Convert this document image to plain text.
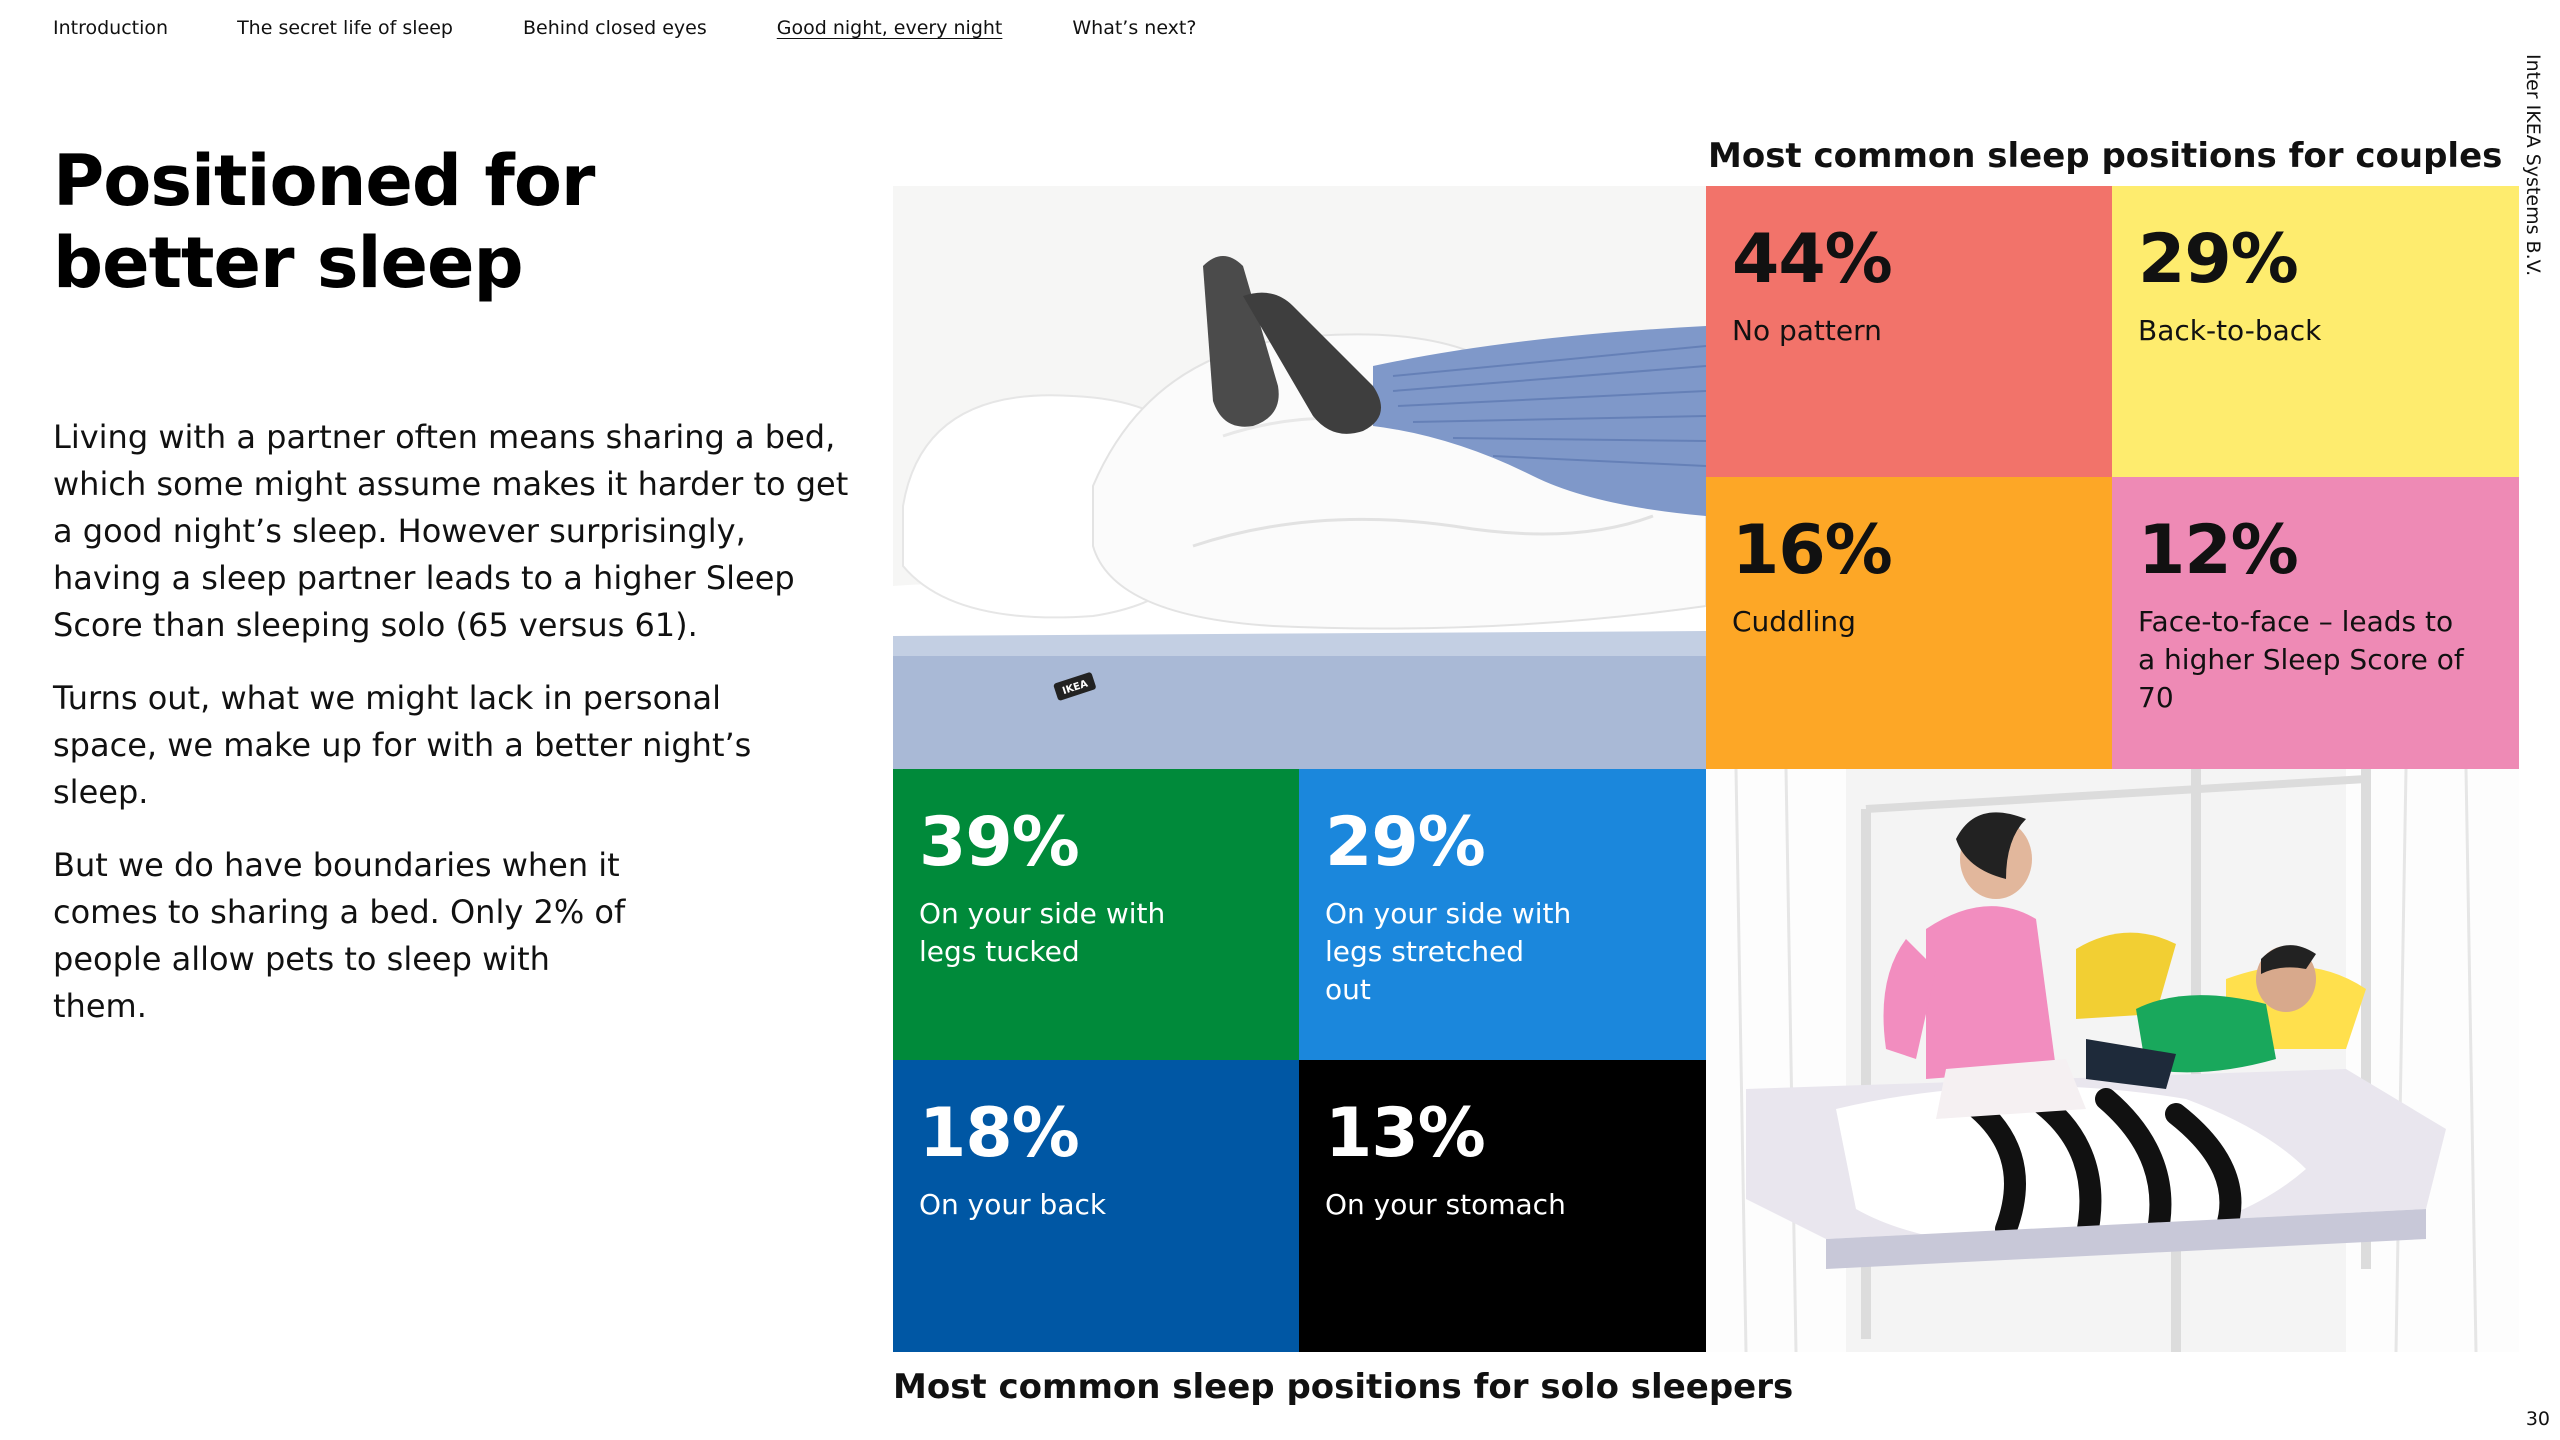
Introduction	The secret life of sleep	Behind closed eyes	Good night, every night	What’s next?
Positioned for
better sleep

Living with a partner often means sharing a bed, which some might assume makes it harder to get a good night’s sleep. However surprisingly, having a sleep partner leads to a higher Sleep Score than sleeping solo (65 versus 61).

Turns out, what we might lack in personal space, we make up for with a better night’s sleep.

But we do have boundaries when it comes to sharing a bed. Only 2% of people allow pets to sleep with them.

Most common sleep positions for couples
IKEA
44%
No pattern
29%
Back-to-back
16%
Cuddling
12%
Face-to-face – leads to a higher Sleep Score of 70
39%
On your side with legs tucked
29%
On your side with legs stretched out
18%
On your back
13%
On your stomach
Most common sleep positions for solo sleepers
Inter IKEA Systems B.V.
30
